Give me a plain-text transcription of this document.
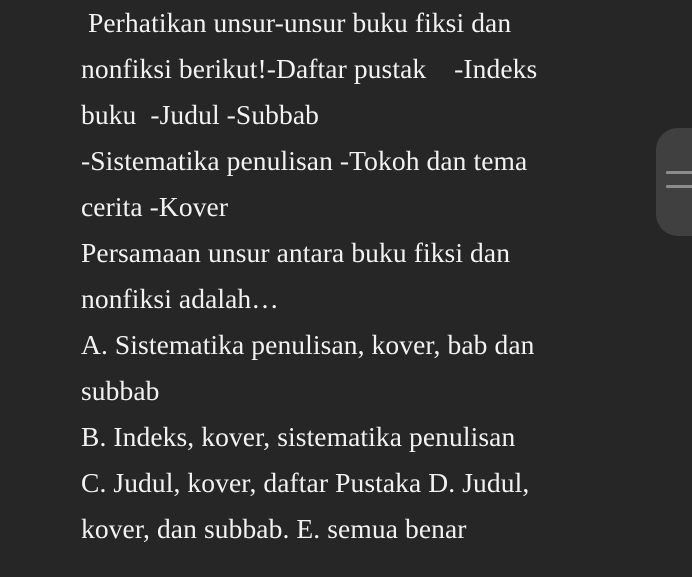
Perhatikan unsur-unsur buku fiksi dan
nonfiksi berikut!-Daftar pustak    -Indeks
buku  -Judul -Subbab
-Sistematika penulisan -Tokoh dan tema
cerita -Kover
Persamaan unsur antara buku fiksi dan
nonfiksi adalah…
A. Sistematika penulisan, kover, bab dan
subbab
B. Indeks, kover, sistematika penulisan
C. Judul, kover, daftar Pustaka D. Judul,
kover, dan subbab. E. semua benar
